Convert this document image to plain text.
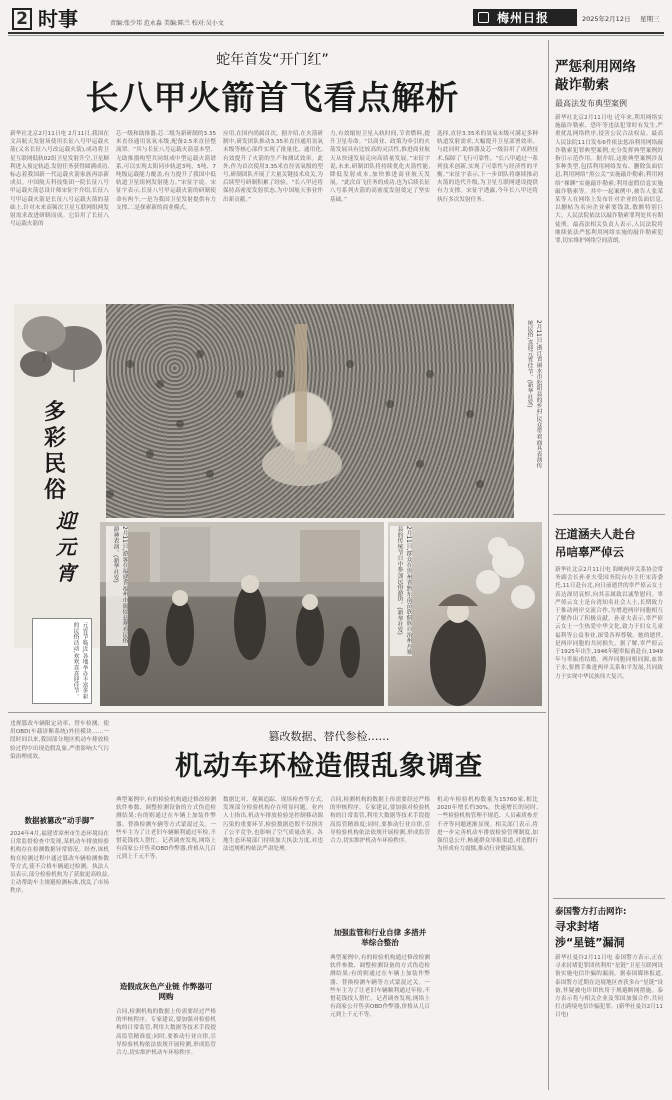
2 时事	责编:张少邦 范永淼 美编:陈兰 校对:吴小文	梅州日报	2025年2月12日 星期三
蛇年首发“开门红”
长八甲火箭首飞看点解析
新华社北京2月11日电 2月11日,我国在文昌航天发射场使用长征八号甲运载火箭(又名长征八号改运载火箭),成功将卫星互联网低轨02组卫星发射升空,卫星顺利进入预定轨道,发射任务获得圆满成功,标志着我国新一代运载火箭家族再添新成员。中国航天科技集团一院长征八号甲运载火箭总设计师宋征宇介绍,长征八号甲运载火箭是长征八号运载火箭的基础上,针对未来高频次卫星互联网组网发射需求改进研制而成。它沿用了长征八号运载火箭的
芯一级和助推器,芯二级为新研制的3.35米直径通用氢氧末级,配备2.5米直径整流罩。“其与长征八号运载火箭基本型、无助推器构型共同组成中型运载火箭谱系,可以实现太阳同步轨道3吨、5吨、7吨级运载能力覆盖,有力提升了我国中低轨道卫星组网发射能力。”宋征宇说。宋征宇表示,长征八号甲运载火箭的研制使命有两个,一是为我国卫星发射提供有力支撑,二是探索新的商业模式。
应用,在国内尚属首次。据介绍,在火箭研制中,研发团队推动3.35米直径通用氢氧末级等核心部件实现了批量化、通用化,有效提升了火箭的生产和测试效率。此外,作为首次使用3.35米直径氢氧级的型号,研制团队开展了大量关键技术攻关,为后续型号研制积累了经验。“长八甲还将保持高密度发射状态,为中国航天事业作出新贡献。”
力,有效缩短卫星入轨时间,节省燃料,提升卫星寿命。“以商业、政策为牵引的火箭发展具有比较高的灵活性,推进商业航天从快速发展走向高质量发展。”宋征宇说,未来,研制团队将持续优化火箭性能,降低发射成本,加快推进商业航天发展。“此次首飞任务的成功,也为后续长征八号系列火箭的高密度发射奠定了坚实基础。”
选择,直径3.35米的氢氧末级可满足多种轨道发射需求,大幅提升卫星部署效率。与此同时,助推器及芯一级沿用了成熟技术,保障了飞行可靠性。“长八甲通过一系列技术创新,实现了可靠性与经济性的平衡。”宋征宇表示,下一步团队将继续推动火箭的迭代升级,为卫星互联网建设提供有力支撑。宋征宇透露,今年长八甲还将执行多次发射任务。
严惩利用网络
敲诈勒索
最高法发布典型案例
新华社北京2月11日电 近年来,利用网络实施敲诈勒索、恐吓等违法犯罪时有发生,严重扰乱网络秩序,侵害公民合法权益。最高人民法院11日发布6件依法惩治利用网络敲诈勒索犯罪典型案例,充分发挥典型案例的指引示范作用。据介绍,这批典型案例涉及多种类型,包括利用网络发布、删除负面信息,利用网络“黑公关”实施敲诈勒索;利用网络“裸聊”实施敲诈勒索;利用虚假信息实施敲诈勒索等。其中一起案例中,被告人张某某等人在网络上发布针对企业的负面信息,以删帖为名向企业索要钱款,数额特别巨大。人民法院依法以敲诈勒索罪判处其有期徒刑。最高法相关负责人表示,人民法院将继续依法严惩利用网络实施的敲诈勒索犯罪,切实维护网络空间清朗。
汪道涵夫人赴台
吊唁辜严倬云
新华社北京2月11日电 海峡两岸关系协会常务副会长孙亚夫受国务院台办主任宋涛委托,11日赴台北,向日前逝世的辜严倬云女士表达深切哀悼,向其亲属致以诚挚慰问。辜严倬云女士是台湾知名社会人士,长期致力于推动两岸交流合作,为增进两岸同胞相互了解作出了积极贡献。孙亚夫表示,辜严倬云女士一生热爱中华文化,致力于妇女儿童福利等公益事业,深受各界尊敬。她的逝世,是两岸同胞的共同损失。据了解,辜严倬云于1925年出生,1946年随辜振甫赴台,1949年与辜振甫结婚。两岸同胞同根同源,血浓于水,要携手推进两岸关系和平发展,共同致力于实现中华民族伟大复兴。
泰国警方打击网诈:
寻求封堵
涉“星链”漏洞
新华社曼谷2月11日电 泰国警方表示,正在寻求封堵犯罪团伙利用“星链”卫星互联网设备实施电信诈骗的漏洞。据泰国媒体报道,泰国警方近期在边境地区查获多台“星链”设备,怀疑被电诈团伙用于规避断网措施。泰方表示将与相关企业及邻国加强合作,共同打击跨境电信诈骗犯罪。(新华社曼谷2月11日电)
多
彩
民
俗
迎元宵
2月11日,浙江省丽水市松阳县的乡村,民众带着面具表演传统民俗,喜迎元宵佳节。(新华社发)
2月11日,游客在福建省福州市闽侯县观看民俗游神表演。(新华社发)	2月11日,群众在贵州省黔东南苗族侗族自治州丹寨县的传统节日中参加民俗游街。(新华社发)
元宵节临近,各地举办丰富多彩的民俗活动,欢欢喜喜迎佳节。
违规篡改车辆限定功率、替车检测、使用OBD(车载诊断系统)外挂模块……一段时间以来,我国部分地区机动车排放检验过程中出现造假乱象,严重影响大气污染治理成效。
篡改数据、替代参检……
机动车环检造假乱象调查
数据被篡改“动手脚”
2024年4月,福建省漳州市生态环境局在日常监督检查中发现,某机动车排放检验机构存在检测数据异常情况。经查,该机构在检测过程中通过篡改车辆检测参数等方式,使不合格车辆通过检测。执法人员表示,部分检验机构为了获取更高收益,主动帮助车主规避检测标准,扰乱了市场秩序。
典型案例中,有的检验机构通过修改检测软件参数、调整检测设备的方式伪造检测结果;有的则通过在车辆上加装作弊器、替换检测车辆等方式蒙混过关。一些车主为了让老旧车辆顺利通过年检,不惜花钱找人帮忙。记者调查发现,网络上有商家公开售卖OBD作弊器,价格从几百元到上千元不等。
造假成灰色产业链 作弊器可网购
合同,检测机构的数据上传需要经过严格的审核程序。专家建议,要加强对检验机构的日常监管,利用大数据等技术手段提高监管精准度;同时,要推动行业自律,引导检验机构依法依规开展检测,形成监管合力,切实维护机动车环检秩序。
数据比对、视频追踪、现场检查等方式,发现部分检验机构存在明显问题。业内人士指出,机动车排放检验是控制移动源污染的重要环节,检验数据造假不仅损害了公平竞争,也影响了空气质量改善。各地生态环境部门持续加大执法力度,对违法违规机构依法严肃处理。
合同,检测机构的数据上传需要经过严格的审核程序。专家建议,要加强对检验机构的日常监管,利用大数据等技术手段提高监管精准度;同时,要推动行业自律,引导检验机构依法依规开展检测,形成监管合力,切实维护机动车环检秩序。
加强监管和行业自律 多措并举综合整治
典型案例中,有的检验机构通过修改检测软件参数、调整检测设备的方式伪造检测结果;有的则通过在车辆上加装作弊器、替换检测车辆等方式蒙混过关。一些车主为了让老旧车辆顺利通过年检,不惜花钱找人帮忙。记者调查发现,网络上有商家公开售卖OBD作弊器,价格从几百元到上千元不等。
机动车检验机构数量为15760家,相比2020年增长约30%。快速增长的同时,一些检验机构管理不规范、人员素质参差不齐等问题逐渐显现。相关部门表示,将进一步完善机动车排放检验管理制度,加强信息公开,畅通群众举报渠道,对造假行为形成有力震慑,推动行业健康发展。
